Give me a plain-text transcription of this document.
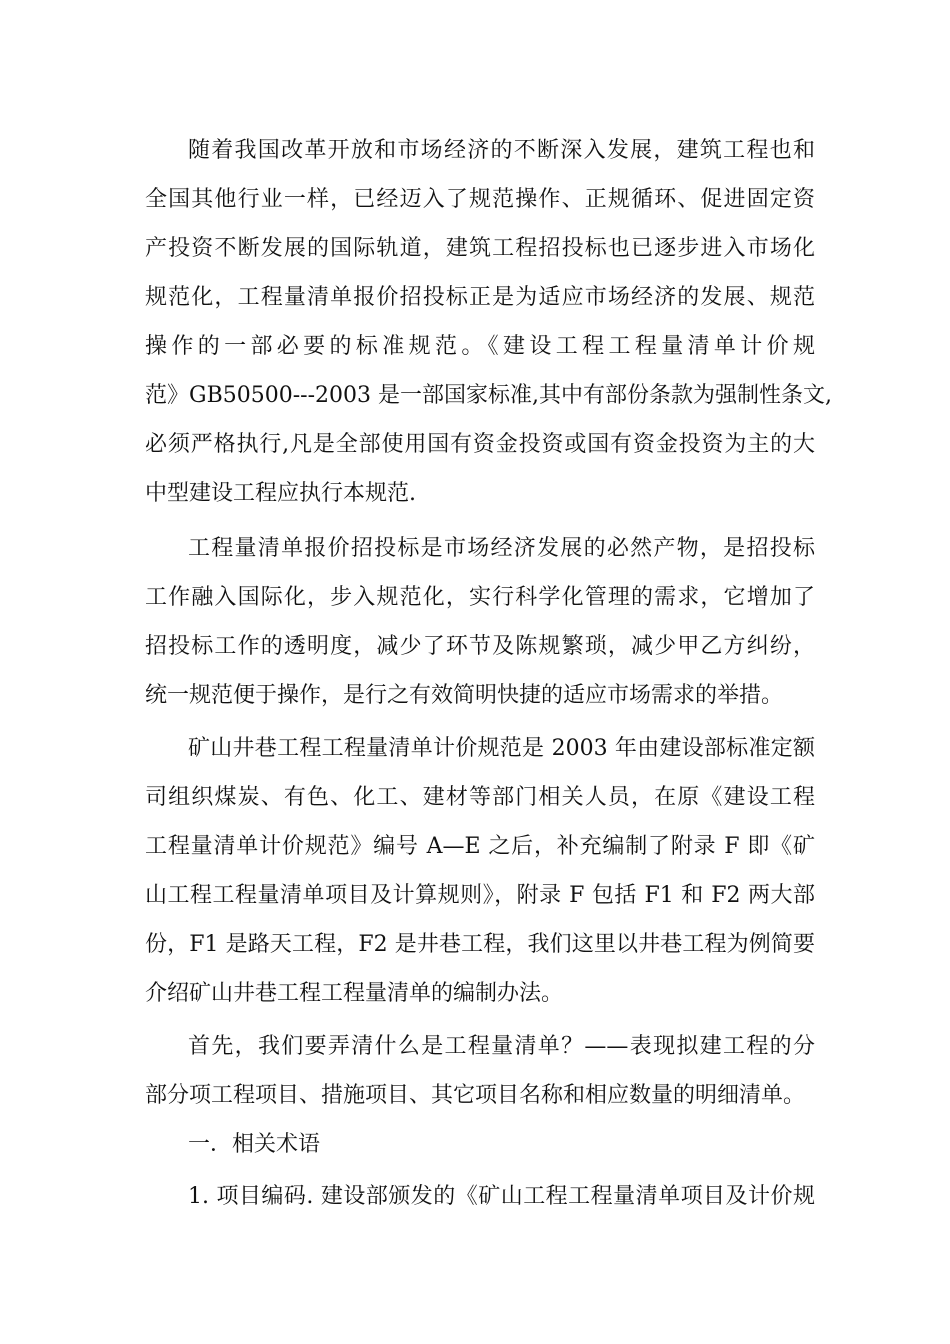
随着我国改革开放和市场经济的不断深入发展，建筑工程也和
全国其他行业一样，已经迈入了规范操作、正规循环、促进固定资
产投资不断发展的国际轨道，建筑工程招投标也已逐步进入市场化
规范化，工程量清单报价招投标正是为适应市场经济的发展、规范
操作的一部必要的标准规范。《建设工程工程量清单计价规
范》GB50500---2003 是一部国家标准,其中有部份条款为强制性条文,
必须严格执行,凡是全部使用国有资金投资或国有资金投资为主的大
中型建设工程应执行本规范.
工程量清单报价招投标是市场经济发展的必然产物，是招投标
工作融入国际化，步入规范化，实行科学化管理的需求，它增加了
招投标工作的透明度，减少了环节及陈规繁琐，减少甲乙方纠纷，
统一规范便于操作，是行之有效简明快捷的适应市场需求的举措。
矿山井巷工程工程量清单计价规范是 2003 年由建设部标准定额
司组织煤炭、有色、化工、建材等部门相关人员，在原《建设工程
工程量清单计价规范》编号 A—E 之后，补充编制了附录 F 即《矿
山工程工程量清单项目及计算规则》，附录 F 包括 F1 和 F2 两大部
份，F1 是路天工程，F2 是井巷工程，我们这里以井巷工程为例简要
介绍矿山井巷工程工程量清单的编制办法。
首先，我们要弄清什么是工程量清单？——表现拟建工程的分
部分项工程项目、措施项目、其它项目名称和相应数量的明细清单。
一．相关术语
1. 项目编码. 建设部颁发的《矿山工程工程量清单项目及计价规
